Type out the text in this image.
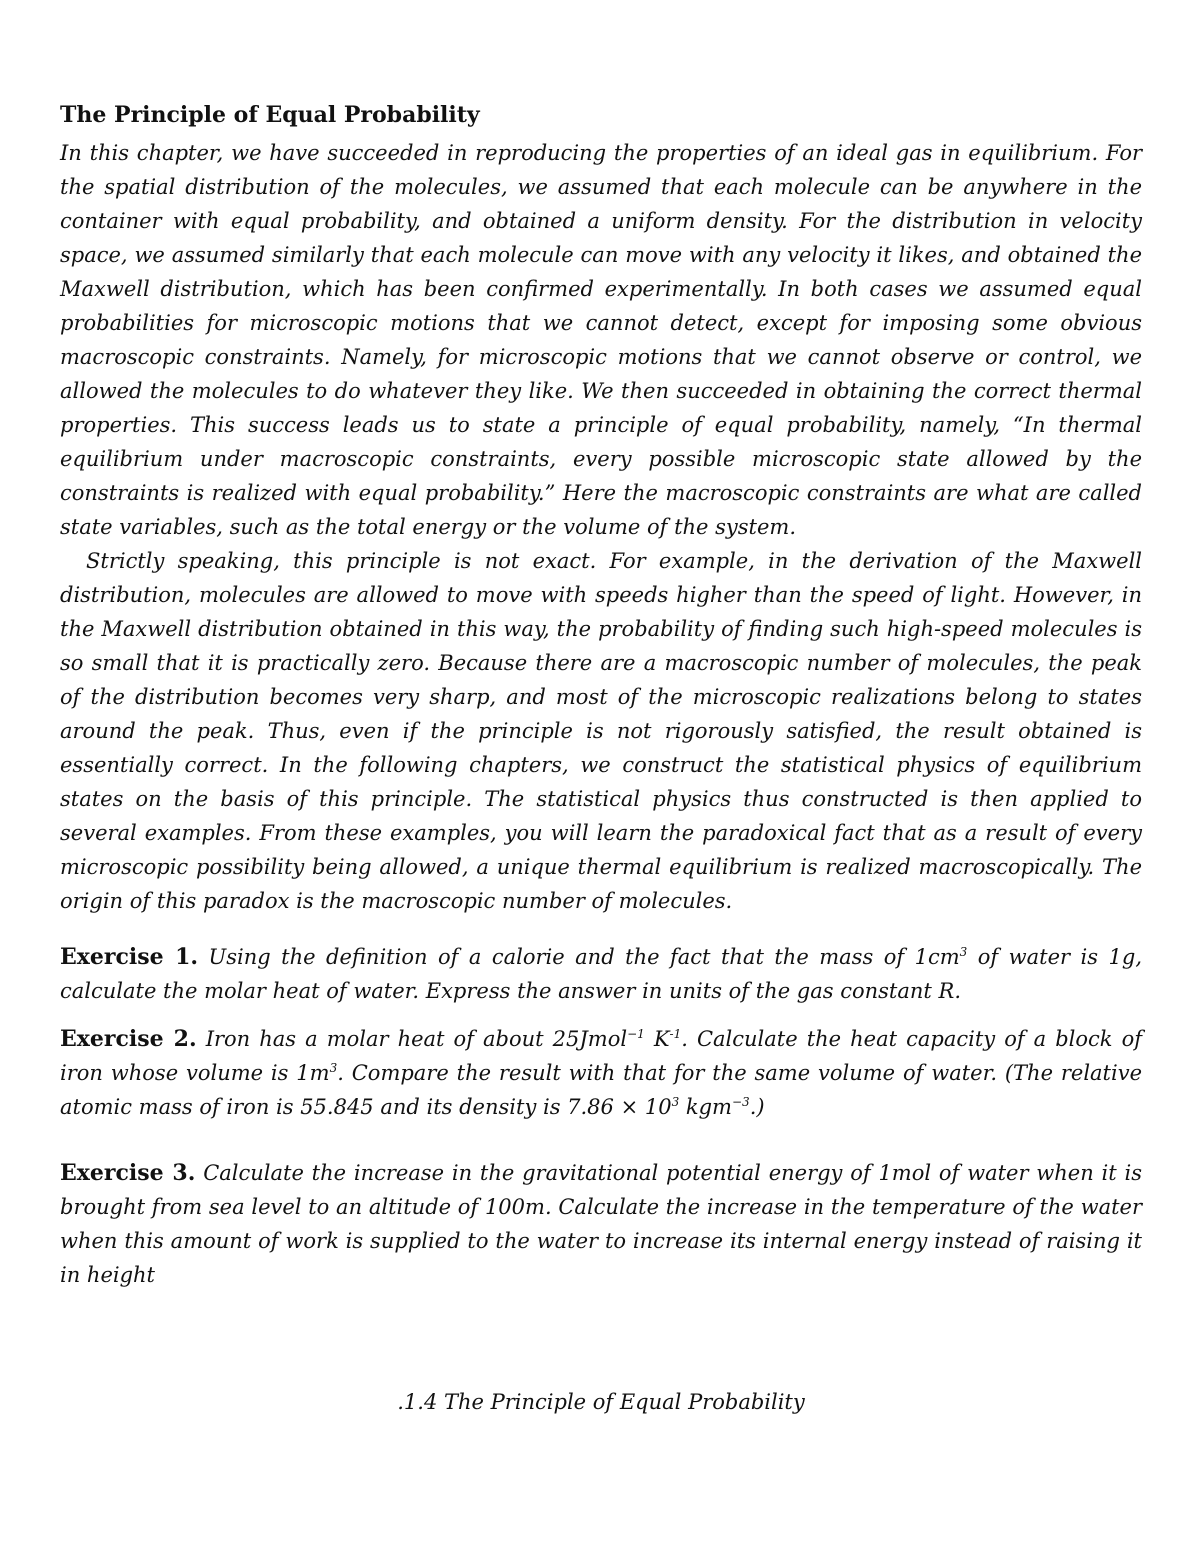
The Principle of Equal Probability

In this chapter, we have succeeded in reproducing the properties of an ideal gas in equilibrium. For the spatial distribution of the molecules, we assumed that each molecule can be anywhere in the container with equal probability, and obtained a uniform density. For the distribution in velocity space, we assumed similarly that each molecule can move with any velocity it likes, and obtained the Maxwell distribution, which has been confirmed experimentally. In both cases we assumed equal probabilities for microscopic motions that we cannot detect, except for imposing some obvious macroscopic constraints. Namely, for microscopic motions that we cannot observe or control, we allowed the molecules to do whatever they like. We then succeeded in obtaining the correct thermal properties. This success leads us to state a principle of equal probability, namely, “In thermal equilibrium under macroscopic constraints, every possible microscopic state allowed by the constraints is realized with equal probability.” Here the macroscopic constraints are what are called state variables, such as the total energy or the volume of the system.

Strictly speaking, this principle is not exact. For example, in the derivation of the Maxwell distribution, molecules are allowed to move with speeds higher than the speed of light. However, in the Maxwell distribution obtained in this way, the probability of finding such high-speed molecules is so small that it is practically zero. Because there are a macroscopic number of molecules, the peak of the distribution becomes very sharp, and most of the microscopic realizations belong to states around the peak. Thus, even if the principle is not rigorously satisfied, the result obtained is essentially correct. In the following chapters, we construct the statistical physics of equilibrium states on the basis of this principle. The statistical physics thus constructed is then applied to several examples. From these examples, you will learn the paradoxical fact that as a result of every microscopic possibility being allowed, a unique thermal equilibrium is realized macroscopically. The origin of this paradox is the macroscopic number of molecules.

Exercise 1. Using the definition of a calorie and the fact that the mass of $1cm^3$ of water is 1g, calculate the molar heat of water. Express the answer in units of the gas constant R.

Exercise 2. Iron has a molar heat of about 25Jmol$^{-1}$ $K^{-1}$. Calculate the heat capacity of a block of iron whose volume is $1m^3$. Compare the result with that for the same volume of water. (The relative atomic mass of iron is 55.845 and its density is $7.86 \times 10^3$ kgm$^{-3}$.)

Exercise 3. Calculate the increase in the gravitational potential energy of 1mol of water when it is brought from sea level to an altitude of 100m. Calculate the increase in the temperature of the water when this amount of work is supplied to the water to increase its internal energy instead of raising it in height

.1.4 The Principle of Equal Probability
